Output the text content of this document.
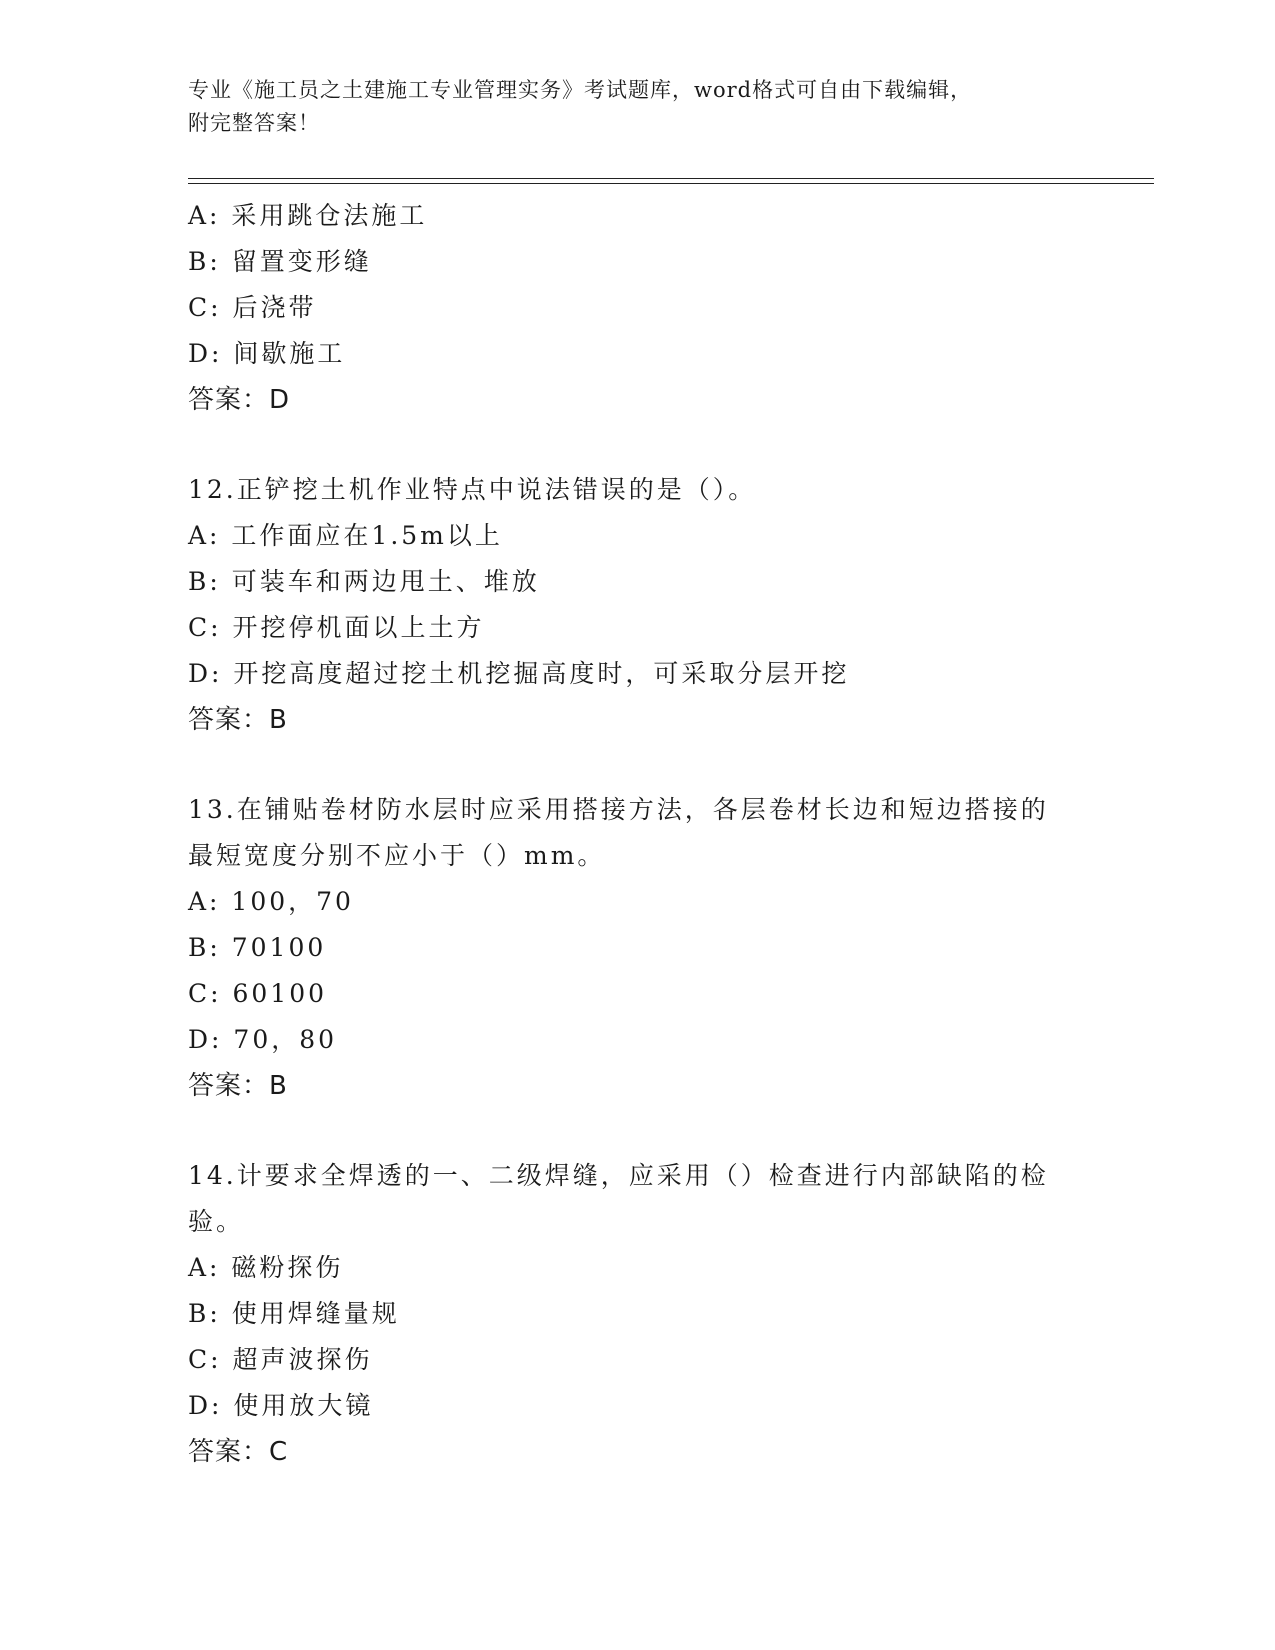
专业《施工员之土建施工专业管理实务》考试题库，word格式可自由下载编辑，
附完整答案！
A: 采用跳仓法施工
B: 留置变形缝
C: 后浇带
D: 间歇施工
答案：D
12.正铲挖土机作业特点中说法错误的是（）。
A: 工作面应在1.5m以上
B: 可装车和两边甩土、堆放
C: 开挖停机面以上土方
D: 开挖高度超过挖土机挖掘高度时，可采取分层开挖
答案：B
13.在铺贴卷材防水层时应采用搭接方法，各层卷材长边和短边搭接的
最短宽度分别不应小于（）mm。
A: 100，70
B: 70100
C: 60100
D: 70，80
答案：B
14.计要求全焊透的一、二级焊缝，应采用（）检查进行内部缺陷的检
验。
A: 磁粉探伤
B: 使用焊缝量规
C: 超声波探伤
D: 使用放大镜
答案：C
